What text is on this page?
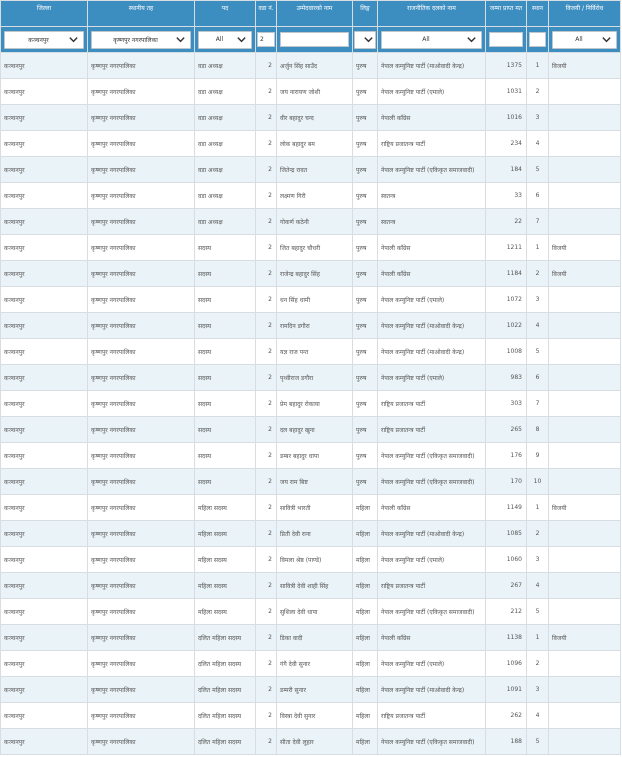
जिल्ला	स्थानीय तह	पद	वडा नं.	उम्मेदवारको नाम	लिङ्ग	राजनीतिक दलको नाम	जम्मा प्राप्त मत	स्थान	विजयी / निर्विरोध

कञ्चनपुर	कृष्णपुर नगरपालिका	All	2			All			All

कञ्चनपुर	कृष्णपुर नगरपालिका	वडा अध्यक्ष	2	अर्जुन सिंह साउँद	पुरुष	नेपाल कम्युनिष्ट पार्टी (माओवादी केन्द्र)	1375	1	विजयी
कञ्चनपुर	कृष्णपुर नगरपालिका	वडा अध्यक्ष	2	जय नारायण जोशी	पुरुष	नेपाल कम्युनिष्ट पार्टी (एमाले)	1031	2	
कञ्चनपुर	कृष्णपुर नगरपालिका	वडा अध्यक्ष	2	वीर बहादुर चन्द	पुरुष	नेपाली काँग्रेस	1016	3	
कञ्चनपुर	कृष्णपुर नगरपालिका	वडा अध्यक्ष	2	लोक बहादुर बम	पुरुष	राष्ट्रिय प्रजातन्त्र पार्टी	234	4	
कञ्चनपुर	कृष्णपुर नगरपालिका	वडा अध्यक्ष	2	जितेन्द्र रावत	पुरुष	नेपाल कम्युनिष्ट पार्टी (एकिकृत समाजवादी)	184	5	
कञ्चनपुर	कृष्णपुर नगरपालिका	वडा अध्यक्ष	2	लक्ष्मण गिरी	पुरुष	स्वतन्त्र	33	6	
कञ्चनपुर	कृष्णपुर नगरपालिका	वडा अध्यक्ष	2	गोकर्ण कठेनी	पुरुष	स्वतन्त्र	22	7	
कञ्चनपुर	कृष्णपुर नगरपालिका	सदस्य	2	जित बहादुर चौधरी	पुरुष	नेपाली काँग्रेस	1211	1	विजयी
कञ्चनपुर	कृष्णपुर नगरपालिका	सदस्य	2	राजेन्द्र बहादुर सिंह	पुरुष	नेपाली काँग्रेस	1184	2	विजयी
कञ्चनपुर	कृष्णपुर नगरपालिका	सदस्य	2	धन सिंह धामी	पुरुष	नेपाल कम्युनिष्ट पार्टी (एमाले)	1072	3	
कञ्चनपुर	कृष्णपुर नगरपालिका	सदस्य	2	रामदिन डगौरा	पुरुष	नेपाल कम्युनिष्ट पार्टी (माओवादी केन्द्र)	1022	4	
कञ्चनपुर	कृष्णपुर नगरपालिका	सदस्य	2	यज्ञ राज पन्त	पुरुष	नेपाल कम्युनिष्ट पार्टी (माओवादी केन्द्र)	1008	5	
कञ्चनपुर	कृष्णपुर नगरपालिका	सदस्य	2	पृथ्वीराज डगौरा	पुरुष	नेपाल कम्युनिष्ट पार्टी (एमाले)	983	6	
कञ्चनपुर	कृष्णपुर नगरपालिका	सदस्य	2	प्रेम बहादुर रोकाया	पुरुष	राष्ट्रिय प्रजातन्त्र पार्टी	303	7	
कञ्चनपुर	कृष्णपुर नगरपालिका	सदस्य	2	दल बहादुर खुना	पुरुष	राष्ट्रिय प्रजातन्त्र पार्टी	265	8	
कञ्चनपुर	कृष्णपुर नगरपालिका	सदस्य	2	डम्बर बहादुर धापा	पुरुष	नेपाल कम्युनिष्ट पार्टी (एकिकृत समाजवादी)	176	9	
कञ्चनपुर	कृष्णपुर नगरपालिका	सदस्य	2	जय राम बिष्ट	पुरुष	नेपाल कम्युनिष्ट पार्टी (एकिकृत समाजवादी)	170	10	
कञ्चनपुर	कृष्णपुर नगरपालिका	महिला सदस्य	2	सावित्री भारती	महिला	नेपाली काँग्रेस	1149	1	विजयी
कञ्चनपुर	कृष्णपुर नगरपालिका	महिला सदस्य	2	प्रिती देवी राना	महिला	नेपाल कम्युनिष्ट पार्टी (माओवादी केन्द्र)	1085	2	
कञ्चनपुर	कृष्णपुर नगरपालिका	महिला सदस्य	2	विमला श्रेष्ठ (पाण्डे)	महिला	नेपाल कम्युनिष्ट पार्टी (एमाले)	1060	3	
कञ्चनपुर	कृष्णपुर नगरपालिका	महिला सदस्य	2	सावित्री देवी शाही सिंह	महिला	राष्ट्रिय प्रजातन्त्र पार्टी	267	4	
कञ्चनपुर	कृष्णपुर नगरपालिका	महिला सदस्य	2	सुशिला देवी धापा	महिला	नेपाल कम्युनिष्ट पार्टी (एकिकृत समाजवादी)	212	5	
कञ्चनपुर	कृष्णपुर नगरपालिका	दलित महिला सदस्य	2	डिका वादी	महिला	नेपाली काँग्रेस	1138	1	विजयी
कञ्चनपुर	कृष्णपुर नगरपालिका	दलित महिला सदस्य	2	गंगै देवी सुनार	महिला	नेपाल कम्युनिष्ट पार्टी (एमाले)	1096	2	
कञ्चनपुर	कृष्णपुर नगरपालिका	दलित महिला सदस्य	2	डम्मरी सुनार	महिला	नेपाल कम्युनिष्ट पार्टी (माओवादी केन्द्र)	1091	3	
कञ्चनपुर	कृष्णपुर नगरपालिका	दलित महिला सदस्य	2	विस्त्रा देवी सुनार	महिला	राष्ट्रिय प्रजातन्त्र पार्टी	262	4	
कञ्चनपुर	कृष्णपुर नगरपालिका	दलित महिला सदस्य	2	सीता देवी लुहार	महिला	नेपाल कम्युनिष्ट पार्टी (एकिकृत समाजवादी)	188	5	
